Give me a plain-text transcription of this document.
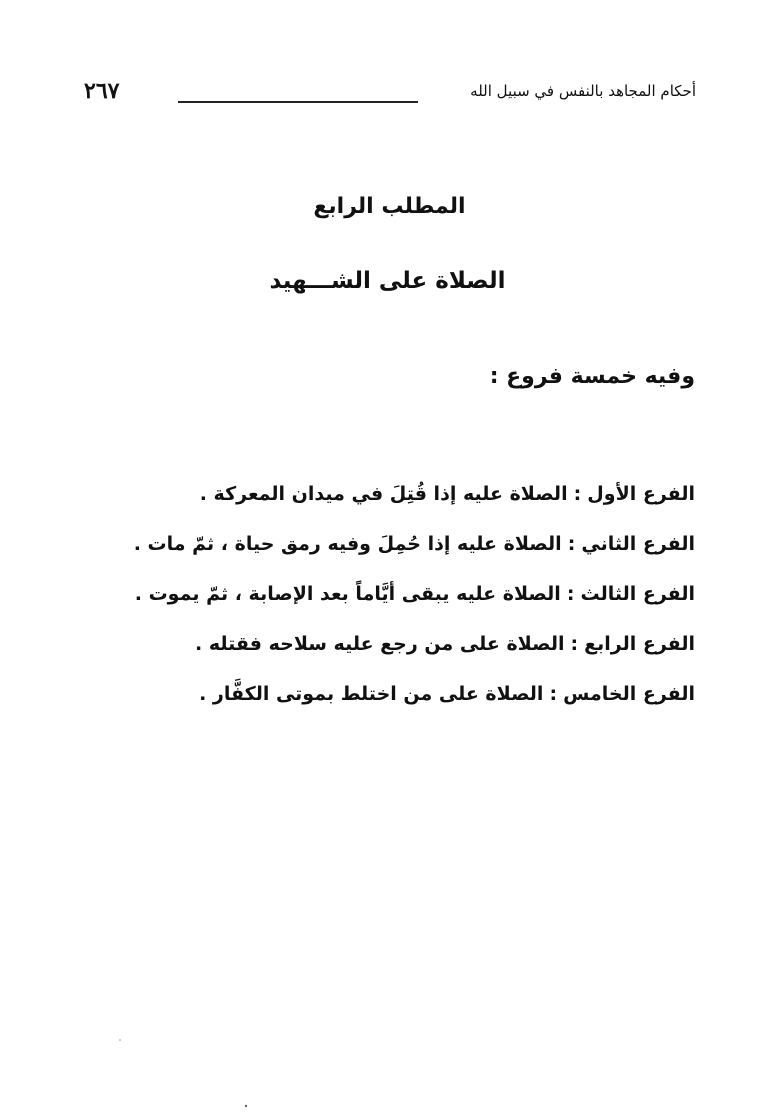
٢٦٧	أحكام المجاهد بالنفس في سبيل الله
المطلب الرابع
الصلاة على الشـــهيد
وفيه خمسة فروع :
الفرع الأول : الصلاة عليه إذا قُتِلَ في ميدان المعركة .
الفرع الثاني : الصلاة عليه إذا حُمِلَ وفيه رمق حياة ، ثمّ مات .
الفرع الثالث : الصلاة عليه يبقى أيَّاماً بعد الإصابة ، ثمّ يموت .
الفرع الرابع : الصلاة على من رجع عليه سلاحه فقتله .
الفرع الخامس : الصلاة على من اختلط بموتى الكفَّار .
